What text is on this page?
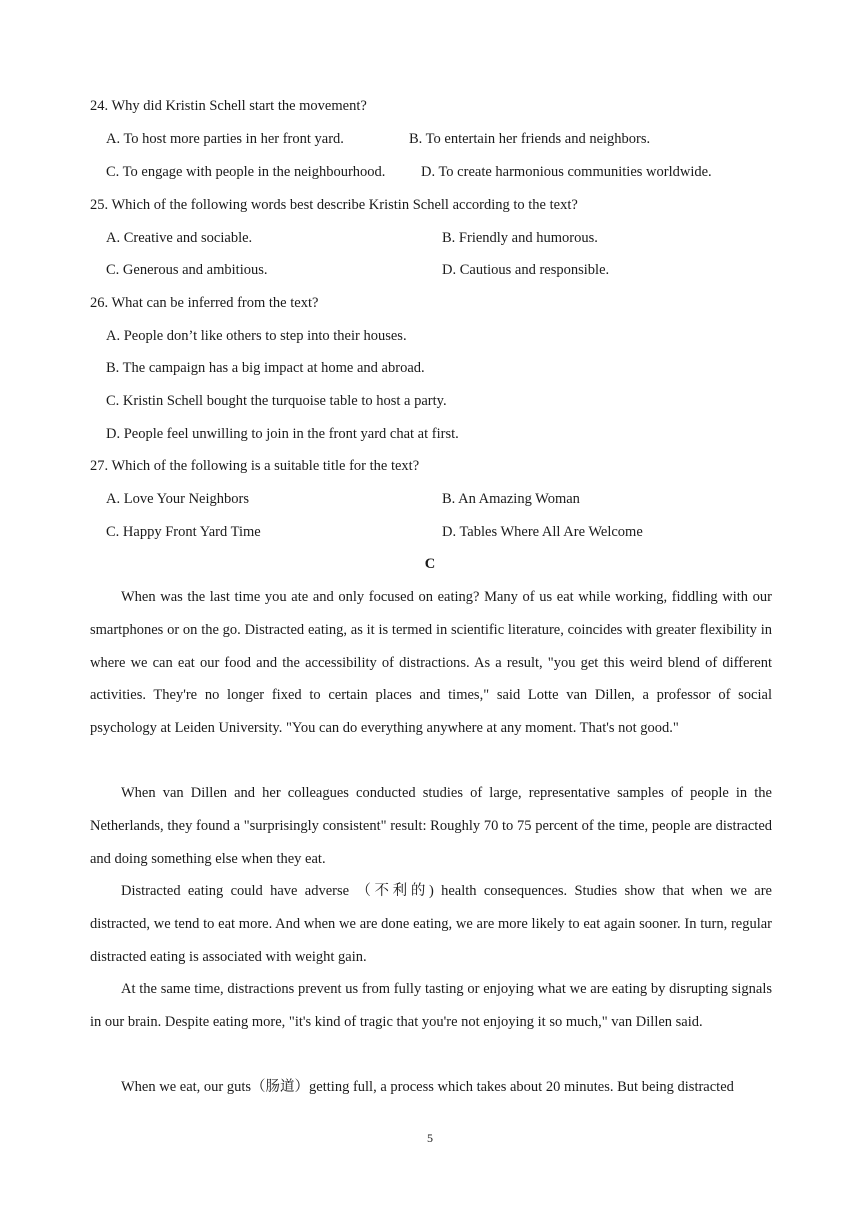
24. Why did Kristin Schell start the movement?
A. To host more parties in her front yard.	B. To entertain her friends and neighbors.
C. To engage with people in the neighbourhood. D. To create harmonious communities worldwide.
25. Which of the following words best describe Kristin Schell according to the text?
A. Creative and sociable.	B. Friendly and humorous.
C. Generous and ambitious.	D. Cautious and responsible.
26. What can be inferred from the text?
A. People don’t like others to step into their houses.
B. The campaign has a big impact at home and abroad.
C. Kristin Schell bought the turquoise table to host a party.
D. People feel unwilling to join in the front yard chat at first.
27. Which of the following is a suitable title for the text?
A. Love Your Neighbors	B. An Amazing Woman
C. Happy Front Yard Time	D. Tables Where All Are Welcome
C

When was the last time you ate and only focused on eating? Many of us eat while working, fiddling with our smartphones or on the go. Distracted eating, as it is termed in scientific literature, coincides with greater flexibility in where we can eat our food and the accessibility of distractions. As a result, "you get this weird blend of different activities. They're no longer fixed to certain places and times," said Lotte van Dillen, a professor of social psychology at Leiden University. "You can do everything anywhere at any moment. That's not good."

When van Dillen and her colleagues conducted studies of large, representative samples of people in the Netherlands, they found a "surprisingly consistent" result: Roughly 70 to 75 percent of the time, people are distracted and doing something else when they eat.

Distracted eating could have adverse （不利的) health consequences. Studies show that when we are distracted, we tend to eat more. And when we are done eating, we are more likely to eat again sooner. In turn, regular distracted eating is associated with weight gain.

At the same time, distractions prevent us from fully tasting or enjoying what we are eating by disrupting signals in our brain. Despite eating more, "it's kind of tragic that you're not enjoying it so much," van Dillen said.

When we eat, our guts（肠道）getting full, a process which takes about 20 minutes. But being distracted

5
